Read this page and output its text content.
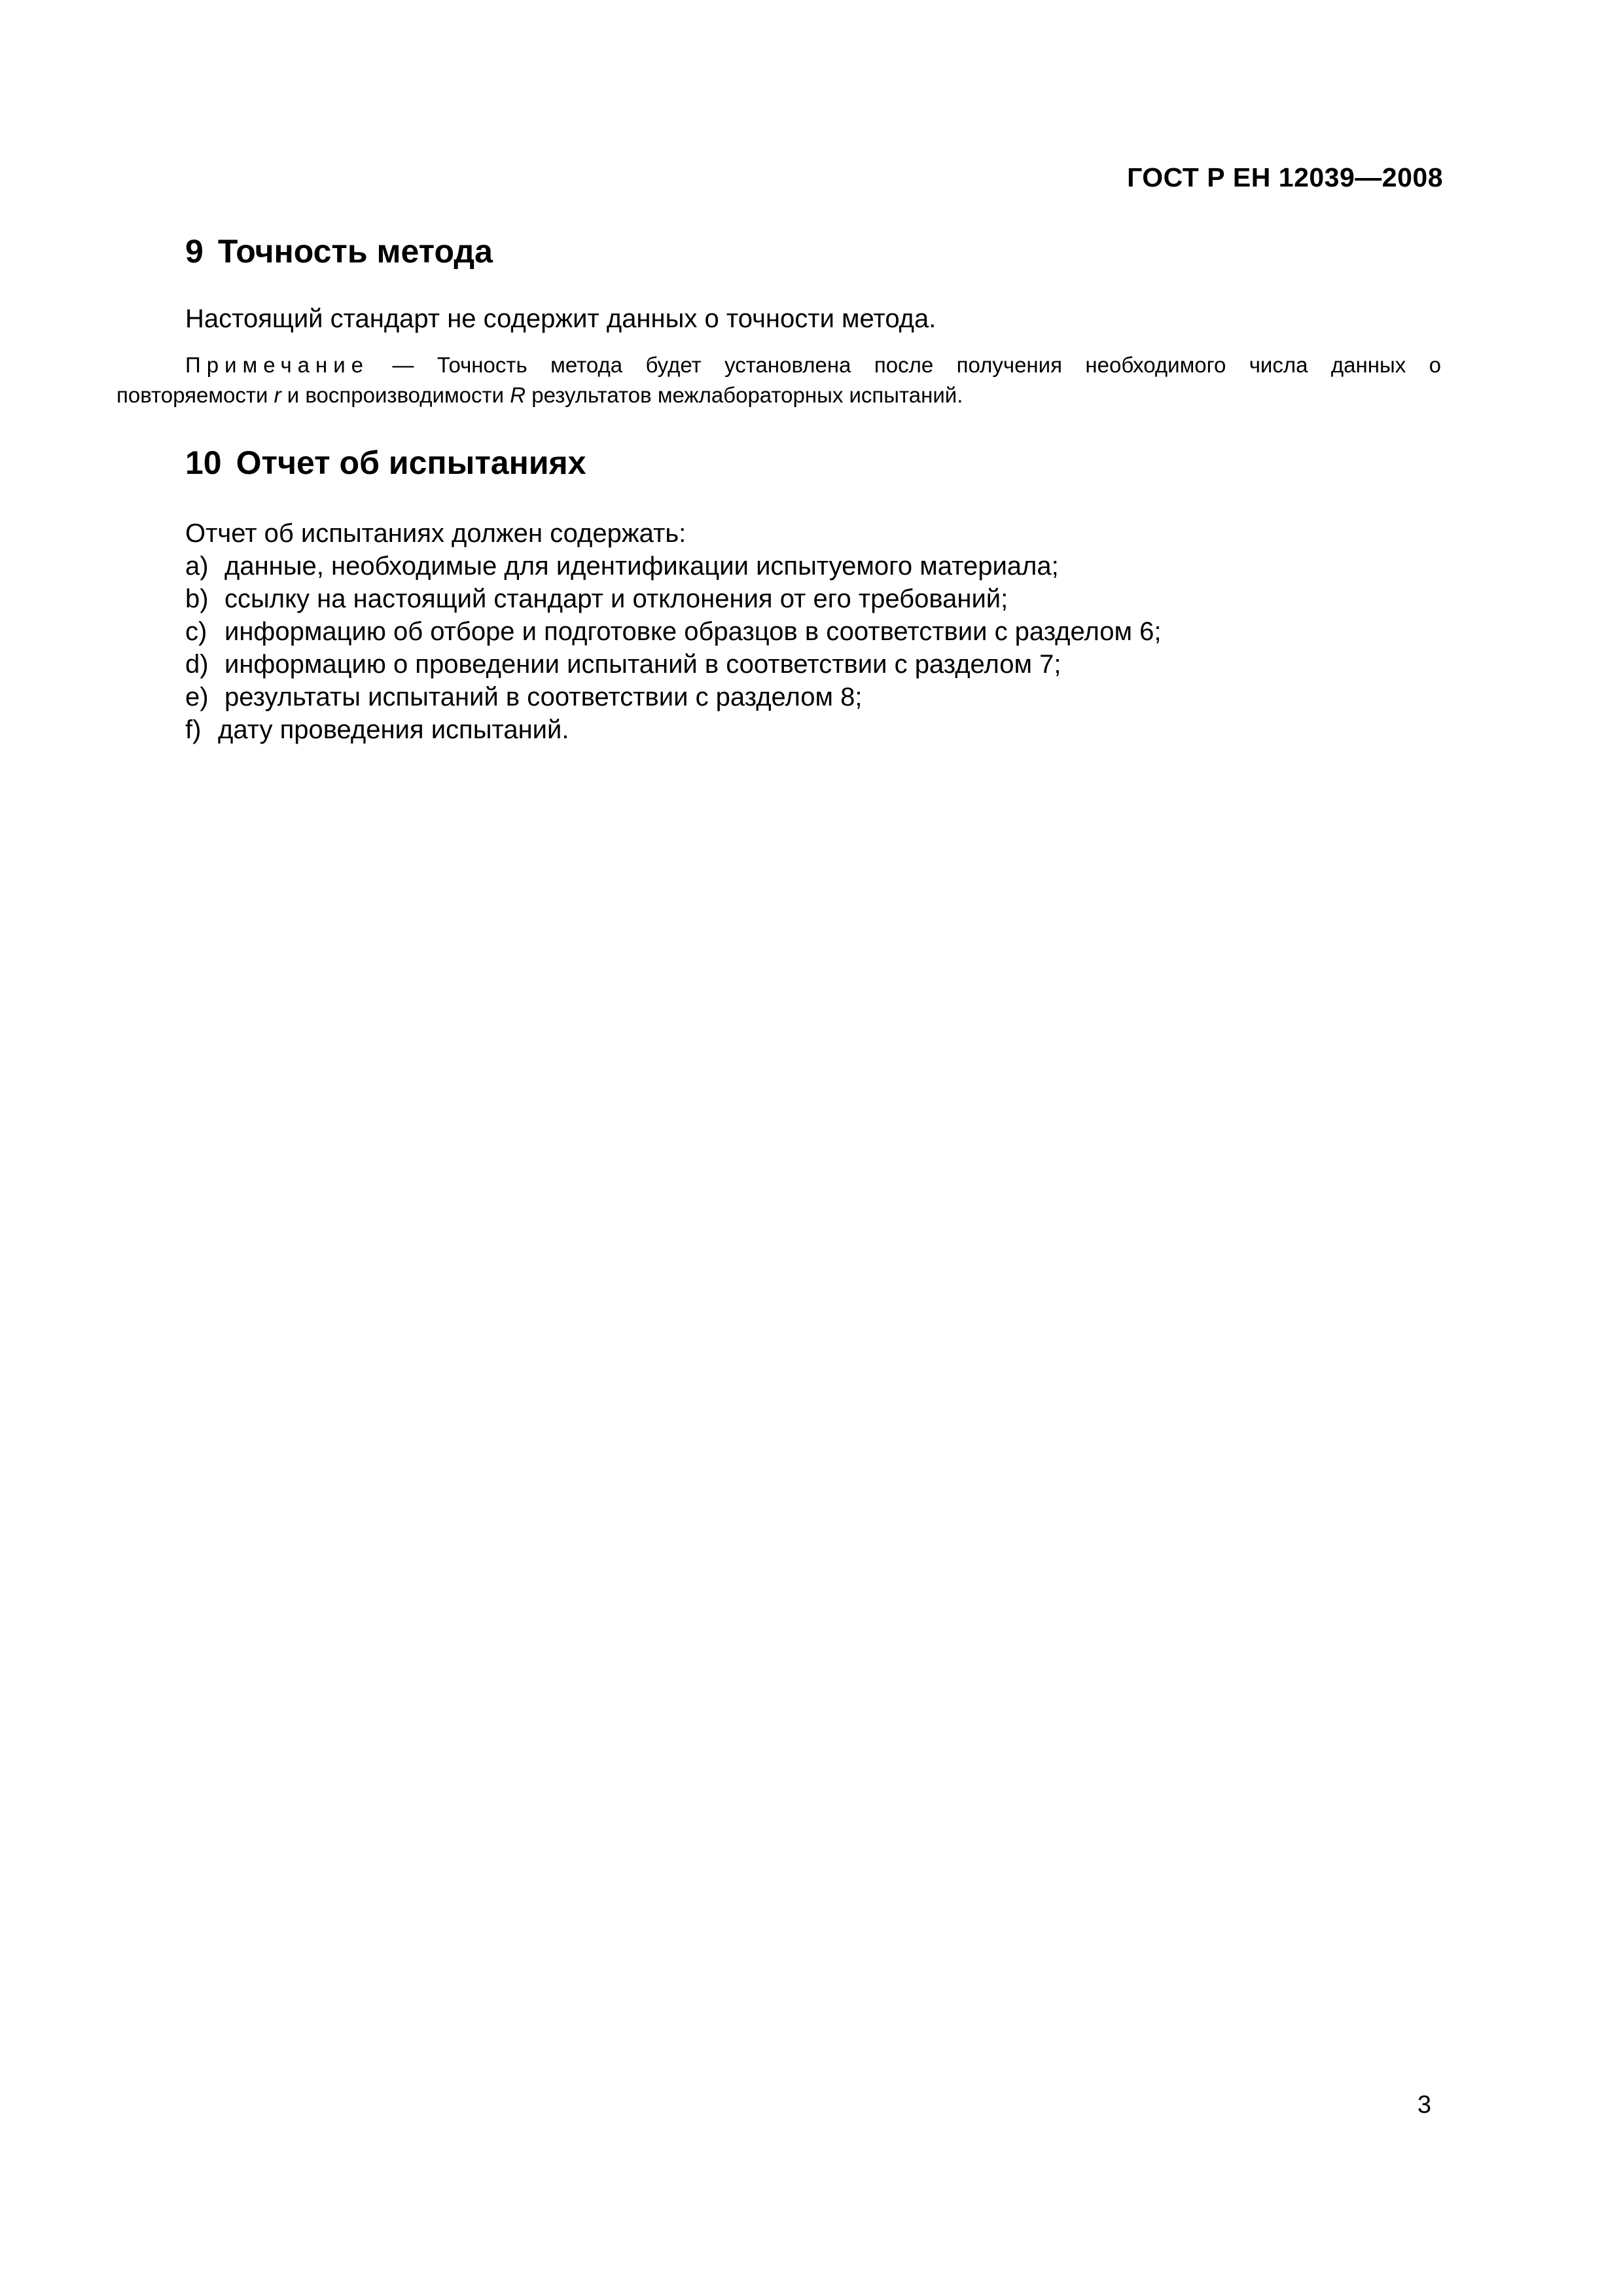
ГОСТ Р ЕН 12039—2008
9 Точность метода
Настоящий стандарт не содержит данных о точности метода.
Примечание — Точность метода будет установлена после получения необходимого числа данных о
повторяемости r и воспроизводимости R результатов межлабораторных испытаний.
10 Отчет об испытаниях
Отчет об испытаниях должен содержать:
a) данные, необходимые для идентификации испытуемого материала;
b) ссылку на настоящий стандарт и отклонения от его требований;
c) информацию об отборе и подготовке образцов в соответствии с разделом 6;
d) информацию о проведении испытаний в соответствии с разделом 7;
e) результаты испытаний в соответствии с разделом 8;
f) дату проведения испытаний.
3
